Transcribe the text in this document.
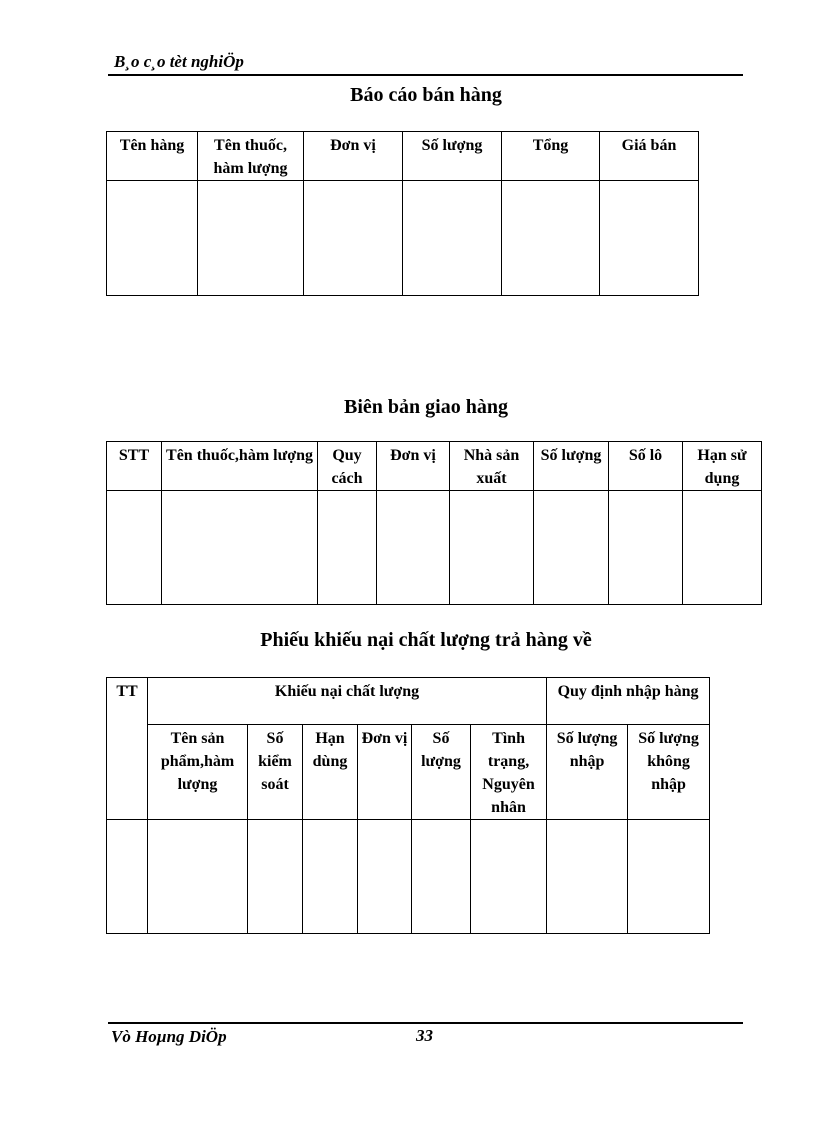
B¸o c¸o tèt nghiÖp
Báo cáo bán hàng
Tên hàng	Tên thuốc, hàm lượng	Đơn vị	Số lượng	Tổng	Giá bán

Biên bản giao hàng
STT	Tên thuốc,hàm lượng	Quy cách	Đơn vị	Nhà sản xuất	Số lượng	Số lô	Hạn sử dụng

Phiếu khiếu nại chất lượng trả hàng về
TT	Khiếu nại chất lượng						Quy định nhập hàng	
	Tên sản phẩm,hàm lượng	Số kiểm soát	Hạn dùng	Đơn vị	Số lượng	Tình trạng, Nguyên nhân	Số lượng nhập	Số lượng không nhập

Vò Hoµng DiÖp	33
